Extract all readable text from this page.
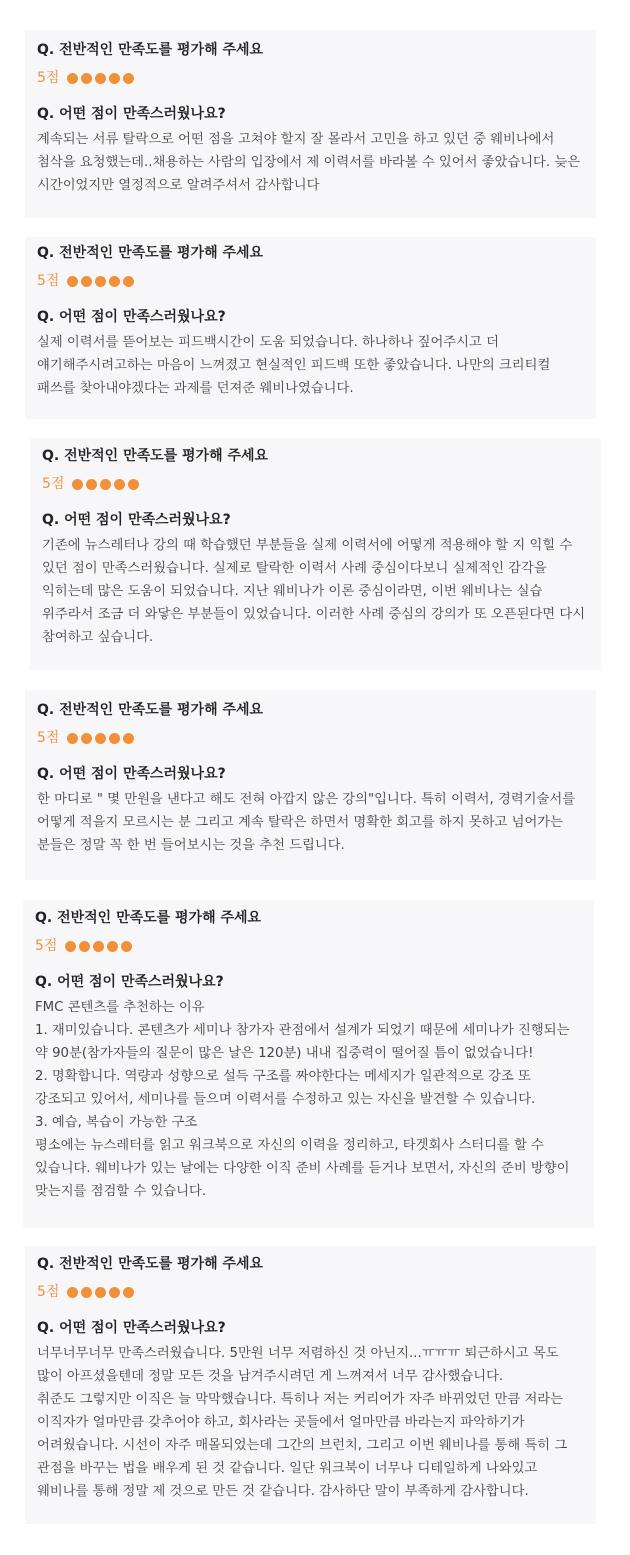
Q. 전반적인 만족도를 평가해 주세요

5점

Q. 어떤 점이 만족스러웠나요?

계속되는 서류 탈락으로 어떤 점을 고쳐야 할지 잘 몰라서 고민을 하고 있던 중 웨비나에서 첨삭을 요청했는데..채용하는 사람의 입장에서 제 이력서를 바라볼 수 있어서 좋았습니다. 늦은 시간이었지만 열정적으로 알려주셔서 감사합니다

Q. 전반적인 만족도를 평가해 주세요

5점

Q. 어떤 점이 만족스러웠나요?

실제 이력서를 뜯어보는 피드백시간이 도움 되었습니다. 하나하나 짚어주시고 더 얘기해주시려고하는 마음이 느껴졌고 현실적인 피드백 또한 좋았습니다. 나만의 크리티컬 패쓰를 찾아내야겠다는 과제를 던져준 웨비나였습니다.

Q. 전반적인 만족도를 평가해 주세요

5점

Q. 어떤 점이 만족스러웠나요?

기존에 뉴스레터나 강의 때 학습했던 부분들을 실제 이력서에 어떻게 적용해야 할 지 익힐 수 있던 점이 만족스러웠습니다. 실제로 탈락한 이력서 사례 중심이다보니 실제적인 감각을 익히는데 많은 도움이 되었습니다. 지난 웨비나가 이론 중심이라면, 이번 웨비나는 실습 위주라서 조금 더 와닿은 부분들이 있었습니다. 이러한 사례 중심의 강의가 또 오픈된다면 다시 참여하고 싶습니다.

Q. 전반적인 만족도를 평가해 주세요

5점

Q. 어떤 점이 만족스러웠나요?

한 마디로 " 몇 만원을 낸다고 해도 전혀 아깝지 않은 강의"입니다. 특히 이력서, 경력기술서를 어떻게 적을지 모르시는 분 그리고 계속 탈락은 하면서 명확한 회고를 하지 못하고 넘어가는 분들은 정말 꼭 한 번 들어보시는 것을 추천 드립니다.

Q. 전반적인 만족도를 평가해 주세요

5점

Q. 어떤 점이 만족스러웠나요?

FMC 콘텐츠를 추천하는 이유
1. 재미있습니다. 콘텐츠가 세미나 참가자 관점에서 설계가 되었기 때문에 세미나가 진행되는 약 90분(참가자들의 질문이 많은 날은 120분) 내내 집중력이 떨어질 틈이 없었습니다!
2. 명확합니다. 역량과 성향으로 설득 구조를 짜야한다는 메세지가 일관적으로 강조 또 강조되고 있어서, 세미나를 들으며 이력서를 수정하고 있는 자신을 발견할 수 있습니다.
3. 예습, 복습이 가능한 구조
평소에는 뉴스레터를 읽고 워크북으로 자신의 이력을 정리하고, 타겟회사 스터디를 할 수 있습니다. 웨비나가 있는 날에는 다양한 이직 준비 사례를 듣거나 보면서, 자신의 준비 방향이 맞는지를 점검할 수 있습니다.

Q. 전반적인 만족도를 평가해 주세요

5점

Q. 어떤 점이 만족스러웠나요?

너무너무너무 만족스러웠습니다. 5만원 너무 저렴하신 것 아닌지...ㅠㅠㅠ 퇴근하시고 목도 많이 아프셨을텐데 정말 모든 것을 남겨주시려던 게 느껴져서 너무 감사했습니다.
취준도 그렇지만 이직은 늘 막막했습니다. 특히나 저는 커리어가 자주 바뀌었던 만큼 저라는 이직자가 얼마만큼 갖추어야 하고, 회사라는 곳들에서 얼마만큼 바라는지 파악하기가 어려웠습니다. 시선이 자주 매몰되었는데 그간의 브런치, 그리고 이번 웨비나를 통해 특히 그 관점을 바꾸는 법을 배우게 된 것 같습니다. 일단 워크북이 너무나 디테일하게 나와있고 웨비나를 통해 정말 제 것으로 만든 것 같습니다. 감사하단 말이 부족하게 감사합니다.
